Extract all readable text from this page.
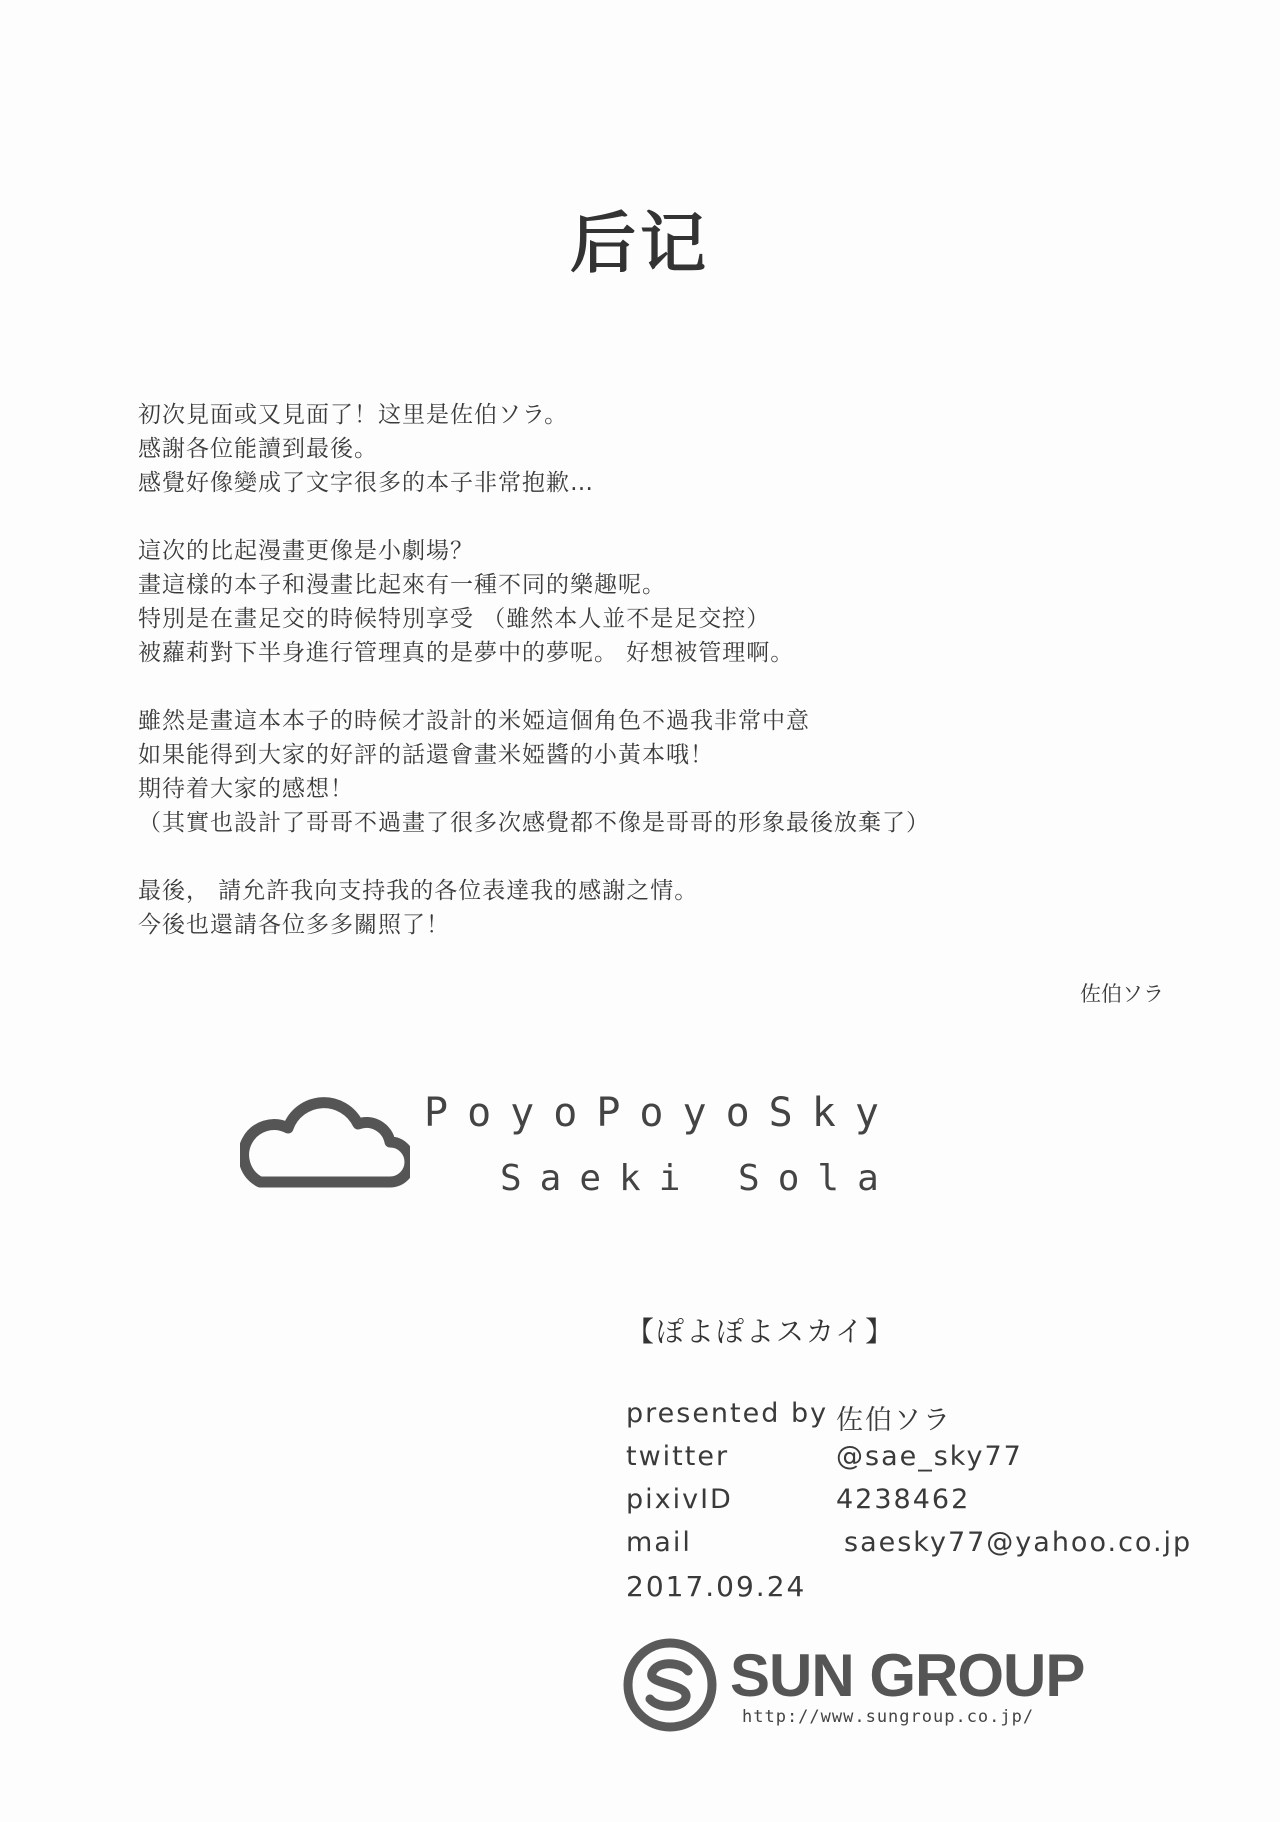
后记
初次見面或又見面了！这里是佐伯ソラ。
感謝各位能讀到最後。
感覺好像變成了文字很多的本子非常抱歉…
這次的比起漫畫更像是小劇場？
畫這樣的本子和漫畫比起來有一種不同的樂趣呢。
特別是在畫足交的時候特別享受 （雖然本人並不是足交控）
被蘿莉對下半身進行管理真的是夢中的夢呢。 好想被管理啊。
雖然是畫這本本子的時候才設計的米婭這個角色不過我非常中意
如果能得到大家的好評的話還會畫米婭醬的小黃本哦！
期待着大家的感想！
（其實也設計了哥哥不過畫了很多次感覺都不像是哥哥的形象最後放棄了）
最後， 請允許我向支持我的各位表達我的感謝之情。
今後也還請各位多多關照了！
佐伯ソラ
PoyoPoyoSky
Saeki Sola
【ぽよぽよスカイ】
presented by 佐伯ソラ
twitter	@sae_sky77
pixivID	4238462
mail	saesky77@yahoo.co.jp
2017.09.24
SUN GROUP
http://www.sungroup.co.jp/
